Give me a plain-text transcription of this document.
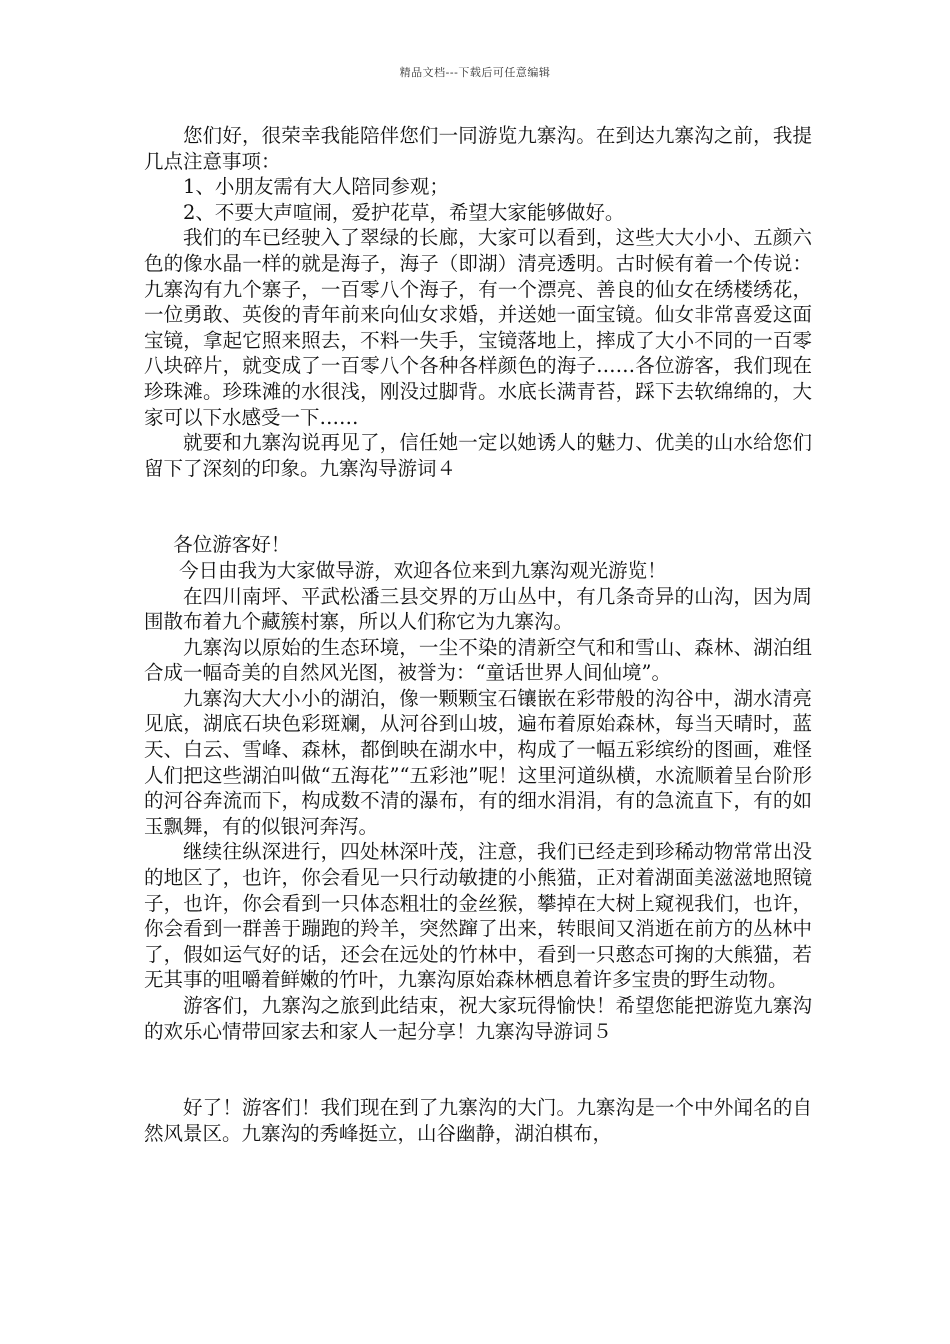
精品文档---下载后可任意编辑

您们好，很荣幸我能陪伴您们一同游览九寨沟。在到达九寨沟之前，我提几点注意事项：

1、小朋友需有大人陪同参观；

2、不要大声喧闹，爱护花草，希望大家能够做好。

我们的车已经驶入了翠绿的长廊，大家可以看到，这些大大小小、五颜六色的像水晶一样的就是海子，海子（即湖）清亮透明。古时候有着一个传说：九寨沟有九个寨子，一百零八个海子，有一个漂亮、善良的仙女在绣楼绣花，一位勇敢、英俊的青年前来向仙女求婚，并送她一面宝镜。仙女非常喜爱这面宝镜，拿起它照来照去，不料一失手，宝镜落地上，摔成了大小不同的一百零八块碎片，就变成了一百零八个各种各样颜色的海子……各位游客，我们现在珍珠滩。珍珠滩的水很浅，刚没过脚背。水底长满青苔，踩下去软绵绵的，大家可以下水感受一下……

就要和九寨沟说再见了，信任她一定以她诱人的魅力、优美的山水给您们留下了深刻的印象。九寨沟导游词４

各位游客好！

今日由我为大家做导游，欢迎各位来到九寨沟观光游览！

在四川南坪、平武松潘三县交界的万山丛中，有几条奇异的山沟，因为周围散布着九个藏簇村寨，所以人们称它为九寨沟。

九寨沟以原始的生态环境，一尘不染的清新空气和和雪山、森林、湖泊组合成一幅奇美的自然风光图，被誉为：“童话世界人间仙境”。

九寨沟大大小小的湖泊，像一颗颗宝石镶嵌在彩带般的沟谷中，湖水清亮见底，湖底石块色彩斑斓，从河谷到山坡，遍布着原始森林，每当天晴时，蓝天、白云、雪峰、森林，都倒映在湖水中，构成了一幅五彩缤纷的图画，难怪人们把这些湖泊叫做“五海花”“五彩池”呢！这里河道纵横，水流顺着呈台阶形的河谷奔流而下，构成数不清的瀑布，有的细水涓涓，有的急流直下，有的如玉飘舞，有的似银河奔泻。

继续往纵深进行，四处林深叶茂，注意，我们已经走到珍稀动物常常出没的地区了，也许，你会看见一只行动敏捷的小熊猫，正对着湖面美滋滋地照镜子，也许，你会看到一只体态粗壮的金丝猴，攀掉在大树上窥视我们，也许，你会看到一群善于蹦跑的羚羊，突然蹿了出来，转眼间又消逝在前方的丛林中了，假如运气好的话，还会在远处的竹林中，看到一只憨态可掬的大熊猫，若无其事的咀嚼着鲜嫩的竹叶，九寨沟原始森林栖息着许多宝贵的野生动物。

游客们，九寨沟之旅到此结束，祝大家玩得愉快！希望您能把游览九寨沟的欢乐心情带回家去和家人一起分享！九寨沟导游词５

好了！游客们！我们现在到了九寨沟的大门。九寨沟是一个中外闻名的自然风景区。九寨沟的秀峰挺立，山谷幽静，湖泊棋布，
